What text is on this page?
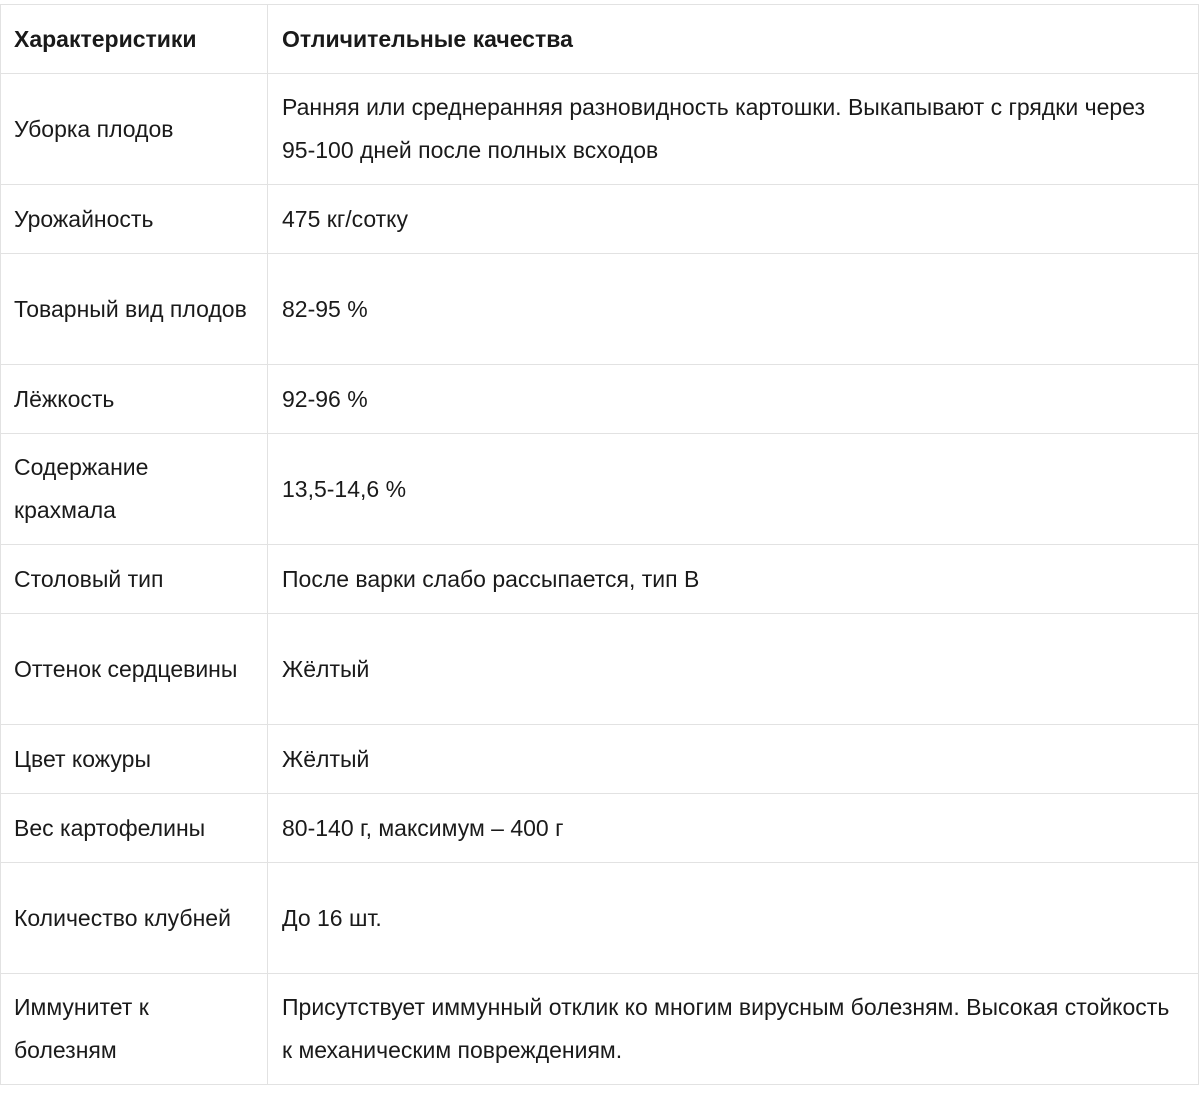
Характеристики	Отличительные качества
Уборка плодов	Ранняя или среднеранняя разновидность картошки. Выкапывают с грядки через 95-100 дней после полных всходов
Урожайность	475 кг/сотку
Товарный вид плодов	82-95 %
Лёжкость	92-96 %
Содержание крахмала	13,5-14,6 %
Столовый тип	После варки слабо рассыпается, тип В
Оттенок сердцевины	Жёлтый
Цвет кожуры	Жёлтый
Вес картофелины	80-140 г, максимум – 400 г
Количество клубней	До 16 шт.
Иммунитет к болезням	Присутствует иммунный отклик ко многим вирусным болезням. Высокая стойкость к механическим повреждениям.
